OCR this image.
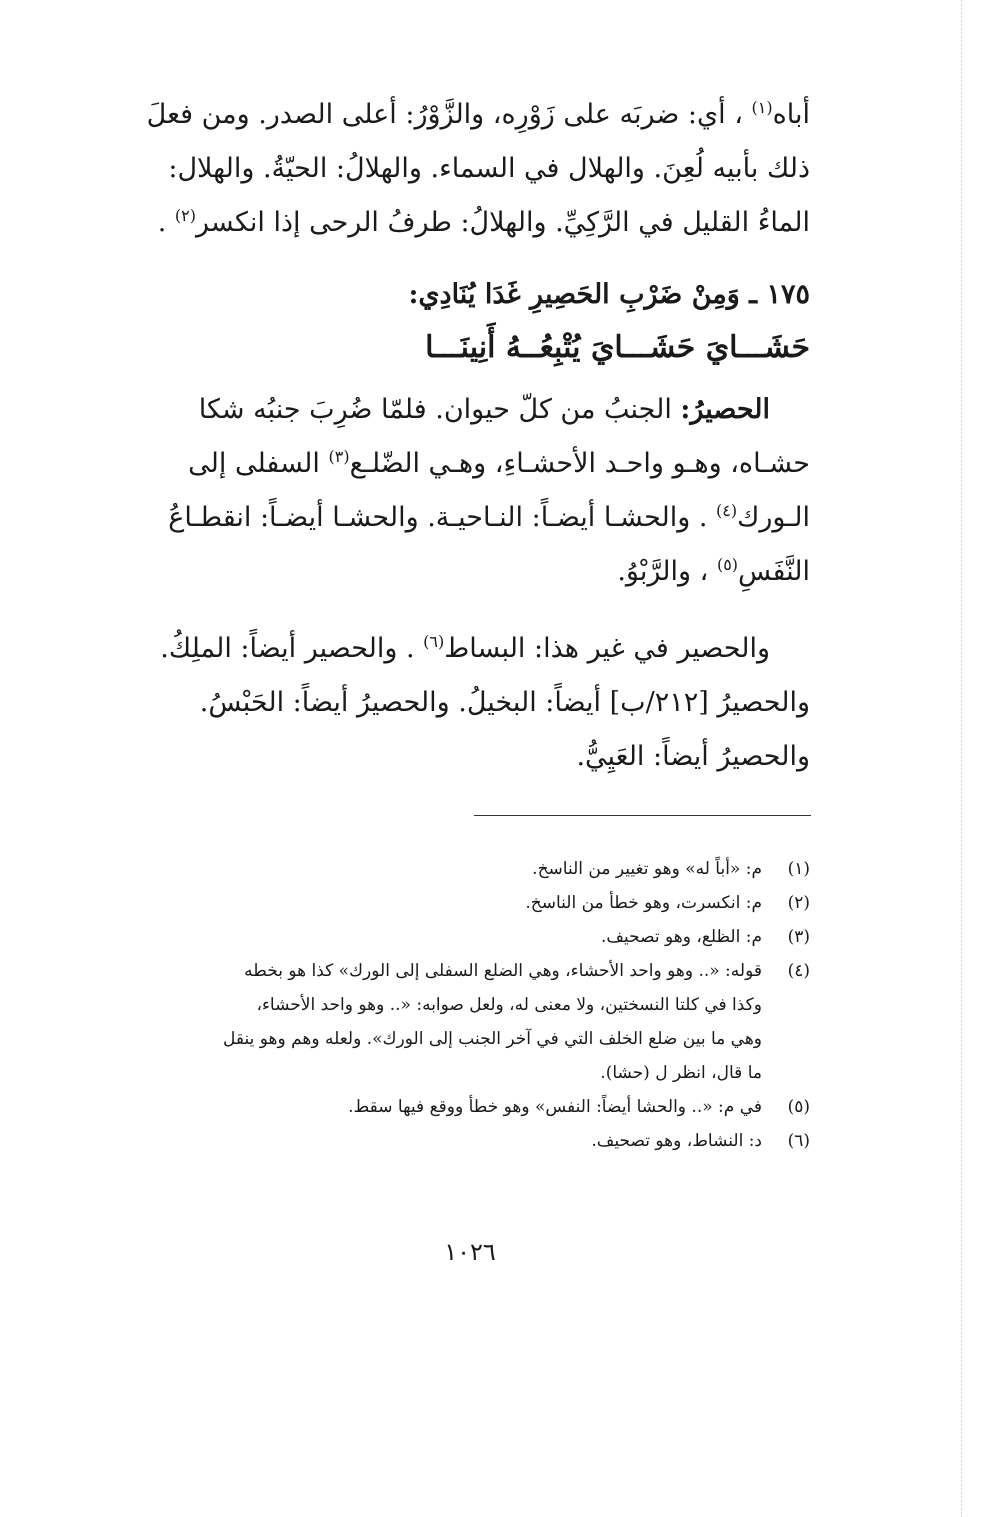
أباه$^{(١)}$ ، أي: ضربَه على زَوْرِه، والزَّوْرُ: أعلى الصدر. ومن فعلَ
ذلك بأبيه لُعِنَ. والهلال في السماء. والهلالُ: الحيّةُ. والهلال:
الماءُ القليل في الرَّكِيِّ. والهلالُ: طرفُ الرحى إذا انكسر$^{(٢)}$ .
١٧٥ ـ وَمِنْ ضَرْبِ الحَصِيرِ غَدَا يُنَادِي:
حَشَـــايَ حَشَـــايَ يُتْبِعُــهُ أَنِينَـــا
الحصيرُ: الجنبُ من كلّ حيوان. فلمّا ضُرِبَ جنبُه شكا
حشـاه، وهـو واحـد الأحشـاءِ، وهـي الضّلـع$^{(٣)}$ السفلى إلى
الـورك$^{(٤)}$ . والحشـا أيضـاً: النـاحيـة. والحشـا أيضـاً: انقطـاعُ
النَّفَسِ$^{(٥)}$ ، والرَّبْوُ.
والحصير في غير هذا: البساط$^{(٦)}$ . والحصير أيضاً: الملِكُ.
والحصيرُ [٢١٢/ب] أيضاً: البخيلُ. والحصيرُ أيضاً: الحَبْسُ.
والحصيرُ أيضاً: العَيِيُّ.
(١)
م: «أباً له» وهو تغيير من الناسخ.
(٢)
م: انكسرت، وهو خطأ من الناسخ.
(٣)
م: الظلع، وهو تصحيف.
(٤)
قوله: «.. وهو واحد الأحشاء، وهي الضلع السفلى إلى الورك» كذا هو بخطه
وكذا في كلتا النسختين، ولا معنى له، ولعل صوابه: «.. وهو واحد الأحشاء،
وهي ما بين ضلع الخلف التي في آخر الجنب إلى الورك». ولعله وهم وهو ينقل
ما قال، انظر ل (حشا).
(٥)
في م: «.. والحشا أيضاً: النفس» وهو خطأ ووقع فيها سقط.
(٦)
د: النشاط، وهو تصحيف.
١٠٢٦
